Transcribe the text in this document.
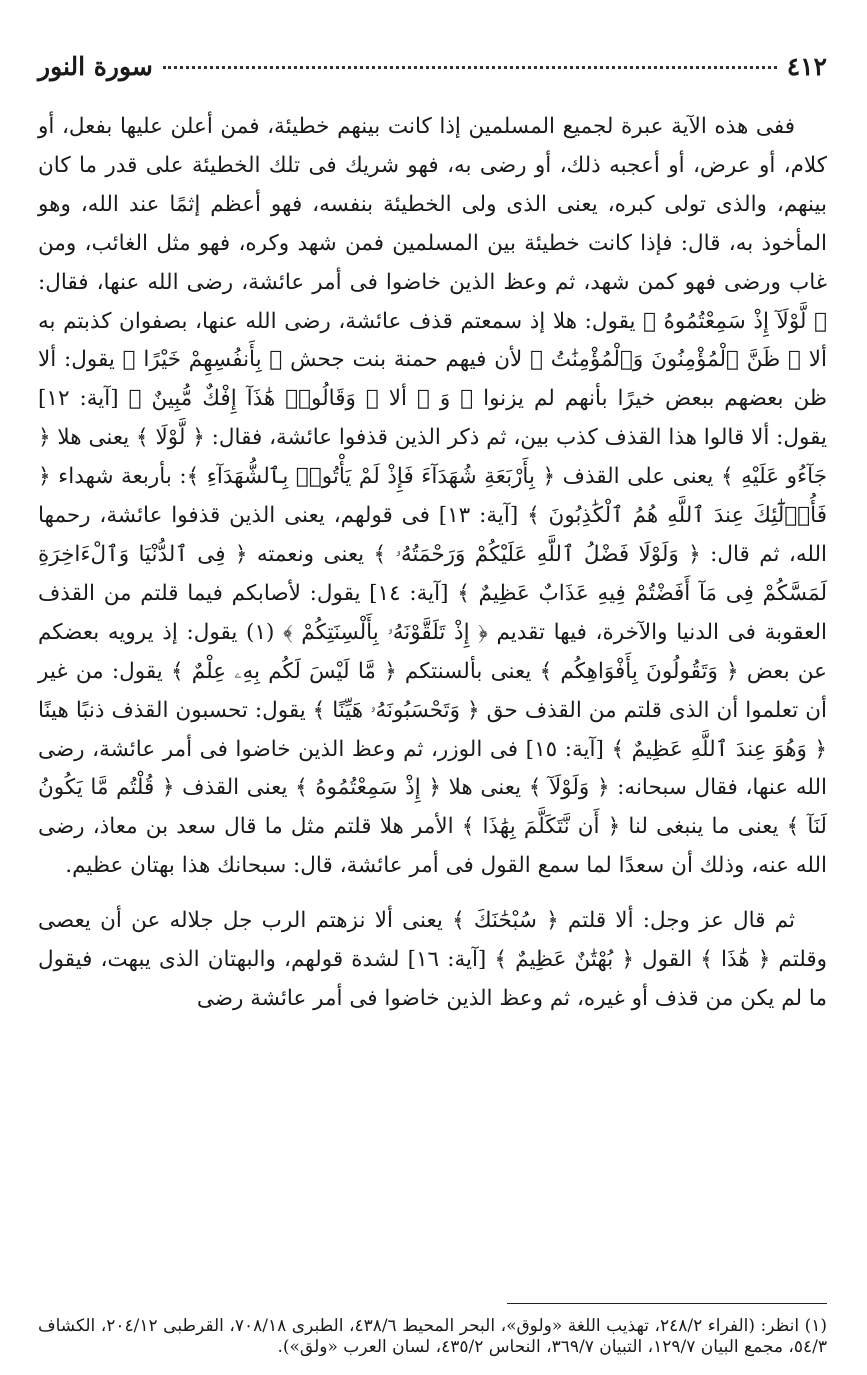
٤١٢
سورة النور

ففى هذه الآية عبرة لجميع المسلمين إذا كانت بينهم خطيئة، فمن أعلن عليها بفعل، أو كلام، أو عرض، أو أعجبه ذلك، أو رضى به، فهو شريك فى تلك الخطيئة على قدر ما كان بينهم، والذى تولى كبره، يعنى الذى ولى الخطيئة بنفسه، فهو أعظم إثمًا عند الله، وهو المأخوذ به، قال: فإذا كانت خطيئة بين المسلمين فمن شهد وكره، فهو مثل الغائب، ومن غاب ورضى فهو كمن شهد، ثم وعظ الذين خاضوا فى أمر عائشة، رضى الله عنها، فقال: ﴿ لَّوْلَآ إِذْ سَمِعْتُمُوهُ ﴾ يقول: هلا إذ سمعتم قذف عائشة، رضى الله عنها، بصفوان كذبتم به ألا ﴿ ظَنَّ ٱلْمُؤْمِنُونَ وَٱلْمُؤْمِنَٰتُ ﴾ لأن فيهم حمنة بنت جحش ﴿ بِأَنفُسِهِمْ خَيْرًا ﴾ يقول: ألا ظن بعضهم ببعض خيرًا بأنهم لم يزنوا ﴿ وَ ﴾ ألا ﴿ وَقَالُوا۟ هَٰذَآ إِفْكٌ مُّبِينٌ ﴾ [آية: ١٢] يقول: ألا قالوا هذا القذف كذب بين، ثم ذكر الذين قذفوا عائشة، فقال: ﴿ لَّوْلَا ﴾ يعنى هلا ﴿ جَآءُو عَلَيْهِ ﴾ يعنى على القذف ﴿ بِأَرْبَعَةِ شُهَدَآءَ فَإِذْ لَمْ يَأْتُوا۟ بِٱلشُّهَدَآءِ ﴾: بأربعة شهداء ﴿ فَأُو۟لَٰٓئِكَ عِندَ ٱللَّهِ هُمُ ٱلْكَٰذِبُونَ ﴾ [آية: ١٣] فى قولهم، يعنى الذين قذفوا عائشة، رحمها الله، ثم قال: ﴿ وَلَوْلَا فَضْلُ ٱللَّهِ عَلَيْكُمْ وَرَحْمَتُهُۥ ﴾ يعنى ونعمته ﴿ فِى ٱلدُّنْيَا وَٱلْءَاخِرَةِ لَمَسَّكُمْ فِى مَآ أَفَضْتُمْ فِيهِ عَذَابٌ عَظِيمٌ ﴾ [آية: ١٤] يقول: لأصابكم فيما قلتم من القذف العقوبة فى الدنيا والآخرة، فيها تقديم ﴿ إِذْ تَلَقَّوْنَهُۥ بِأَلْسِنَتِكُمْ ﴾ (١) يقول: إذ يرويه بعضكم عن بعض ﴿ وَتَقُولُونَ بِأَفْوَاهِكُم ﴾ يعنى بألسنتكم ﴿ مَّا لَيْسَ لَكُم بِهِۦ عِلْمٌ ﴾ يقول: من غير أن تعلموا أن الذى قلتم من القذف حق ﴿ وَتَحْسَبُونَهُۥ هَيِّنًا ﴾ يقول: تحسبون القذف ذنبًا هينًا ﴿ وَهُوَ عِندَ ٱللَّهِ عَظِيمٌ ﴾ [آية: ١٥] فى الوزر، ثم وعظ الذين خاضوا فى أمر عائشة، رضى الله عنها، فقال سبحانه: ﴿ وَلَوْلَآ ﴾ يعنى هلا ﴿ إِذْ سَمِعْتُمُوهُ ﴾ يعنى القذف ﴿ قُلْتُم مَّا يَكُونُ لَنَآ ﴾ يعنى ما ينبغى لنا ﴿ أَن نَّتَكَلَّمَ بِهَٰذَا ﴾ الأمر هلا قلتم مثل ما قال سعد بن معاذ، رضى الله عنه، وذلك أن سعدًا لما سمع القول فى أمر عائشة، قال: سبحانك هذا بهتان عظيم.

ثم قال عز وجل: ألا قلتم ﴿ سُبْحَٰنَكَ ﴾ يعنى ألا نزهتم الرب جل جلاله عن أن يعصى وقلتم ﴿ هَٰذَا ﴾ القول ﴿ بُهْتَٰنٌ عَظِيمٌ ﴾ [آية: ١٦] لشدة قولهم، والبهتان الذى يبهت، فيقول ما لم يكن من قذف أو غيره، ثم وعظ الذين خاضوا فى أمر عائشة رضى

(١) انظر: (الفراء ٢٤٨/٢، تهذيب اللغة «ولوق»، البحر المحيط ٤٣٨/٦، الطبرى ٧٠٨/١٨، القرطبى ٢٠٤/١٢، الكشاف ٥٤/٣، مجمع البيان ١٢٩/٧، التبيان ٣٦٩/٧، النحاس ٤٣٥/٢، لسان العرب «ولق»).
